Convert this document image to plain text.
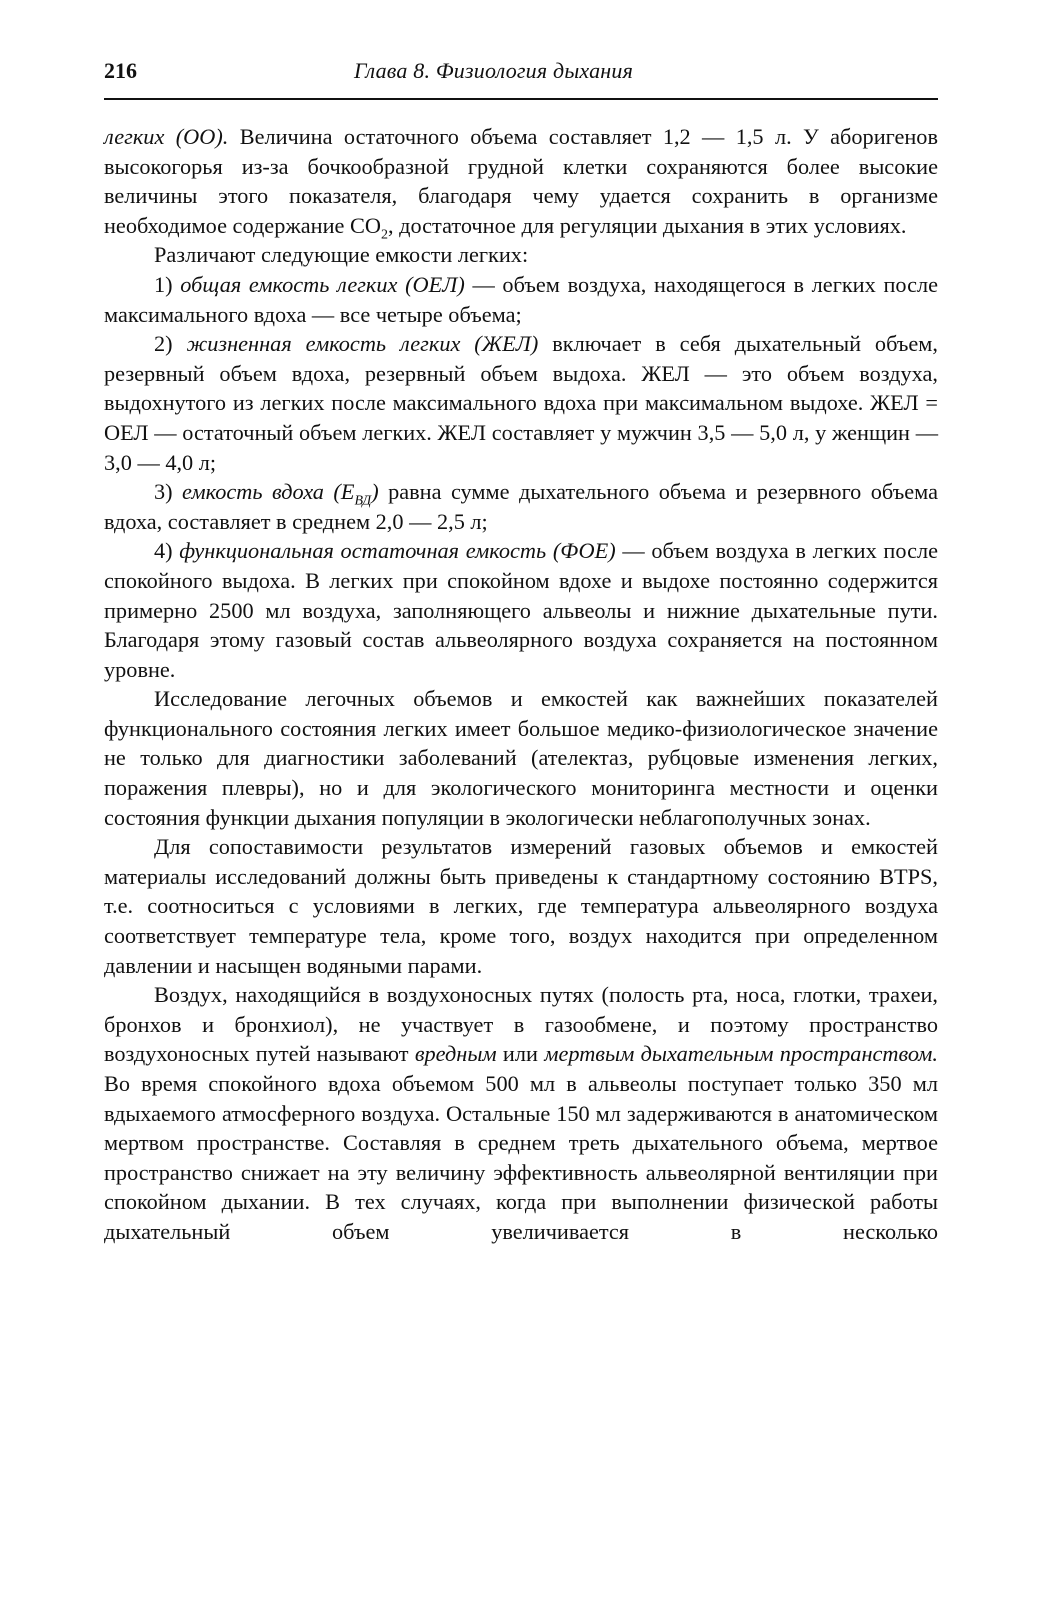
216	Глава 8. Физиология дыхания

легких (ОО). Величина остаточного объема составляет 1,2 — 1,5 л. У аборигенов высокогорья из-за бочкообразной грудной клетки сохраняются более высокие величины этого показателя, благодаря чему удается сохранить в организме необходимое содержание $СО_2$, достаточное для регуляции дыхания в этих условиях.

Различают следующие емкости легких:

1) общая емкость легких (ОЕЛ) — объем воздуха, находящегося в легких после максимального вдоха — все четыре объема;

2) жизненная емкость легких (ЖЕЛ) включает в себя дыхательный объем, резервный объем вдоха, резервный объем выдоха. ЖЕЛ — это объем воздуха, выдохнутого из легких после максимального вдоха при максимальном выдохе. ЖЕЛ = ОЕЛ — остаточный объем легких. ЖЕЛ составляет у мужчин 3,5 — 5,0 л, у женщин — 3,0 — 4,0 л;

3) емкость вдоха $(Е_{ВД})$ равна сумме дыхательного объема и резервного объема вдоха, составляет в среднем 2,0 — 2,5 л;

4) функциональная остаточная емкость (ФОЕ) — объем воздуха в легких после спокойного выдоха. В легких при спокойном вдохе и выдохе постоянно содержится примерно 2500 мл воздуха, заполняющего альвеолы и нижние дыхательные пути. Благодаря этому газовый состав альвеолярного воздуха сохраняется на постоянном уровне.

Исследование легочных объемов и емкостей как важнейших показателей функционального состояния легких имеет большое медико-физиологическое значение не только для диагностики заболеваний (ателектаз, рубцовые изменения легких, поражения плевры), но и для экологического мониторинга местности и оценки состояния функции дыхания популяции в экологически неблагополучных зонах.

Для сопоставимости результатов измерений газовых объемов и емкостей материалы исследований должны быть приведены к стандартному состоянию BTPS, т.е. соотноситься с условиями в легких, где температура альвеолярного воздуха соответствует температуре тела, кроме того, воздух находится при определенном давлении и насыщен водяными парами.

Воздух, находящийся в воздухоносных путях (полость рта, носа, глотки, трахеи, бронхов и бронхиол), не участвует в газообмене, и поэтому пространство воздухоносных путей называют вредным или мертвым дыхательным пространством. Во время спокойного вдоха объемом 500 мл в альвеолы поступает только 350 мл вдыхаемого атмосферного воздуха. Остальные 150 мл задерживаются в анатомическом мертвом пространстве. Составляя в среднем треть дыхательного объема, мертвое пространство снижает на эту величину эффективность альвеолярной вентиляции при спокойном дыхании. В тех случаях, когда при выполнении физической работы дыхательный объем увеличивается в несколько
